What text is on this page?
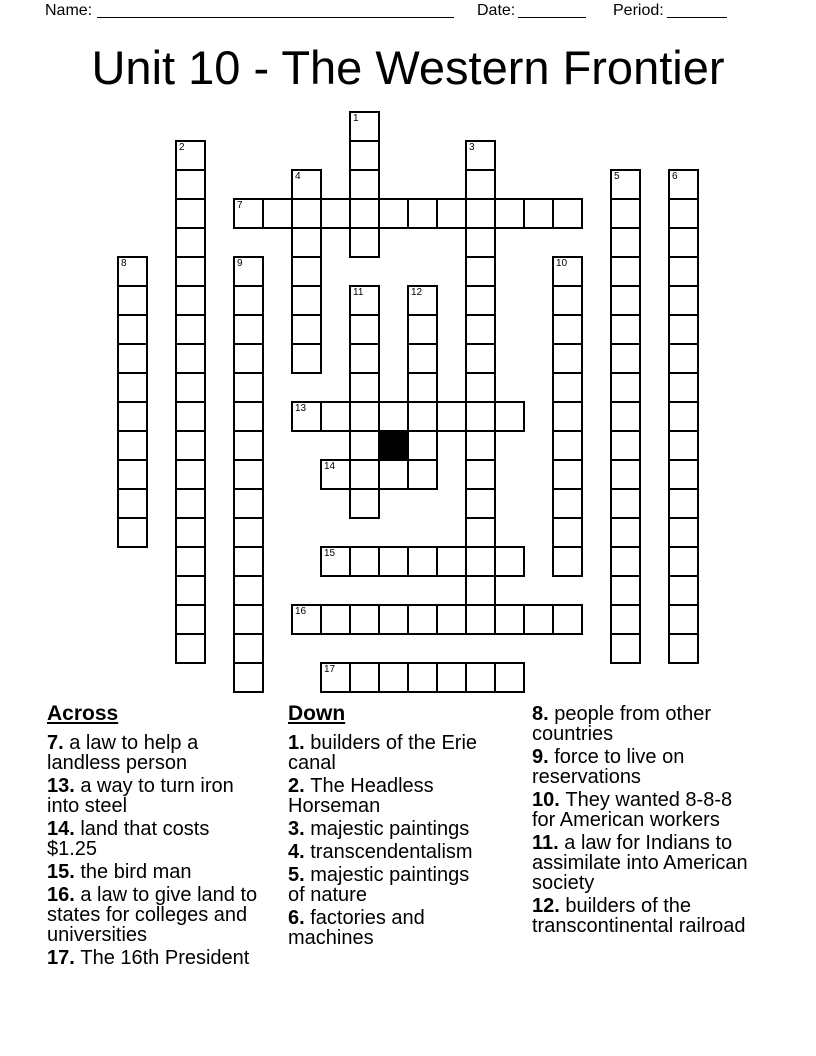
Name:	Date:	Period:
Unit 10 - The Western Frontier
1
2	3
4	5	6
7
8	9	10
11	12
13
14
15
16
17
Across
7. a law to help a
landless person
13. a way to turn iron
into steel
14. land that costs
$1.25
15. the bird man
16. a law to give land to
states for colleges and
universities
17. The 16th President
Down
1. builders of the Erie
canal
2. The Headless
Horseman
3. majestic paintings
4. transcendentalism
5. majestic paintings
of nature
6. factories and
machines
8. people from other
countries
9. force to live on
reservations
10. They wanted 8-8-8
for American workers
11. a law for Indians to
assimilate into American
society
12. builders of the
transcontinental railroad
